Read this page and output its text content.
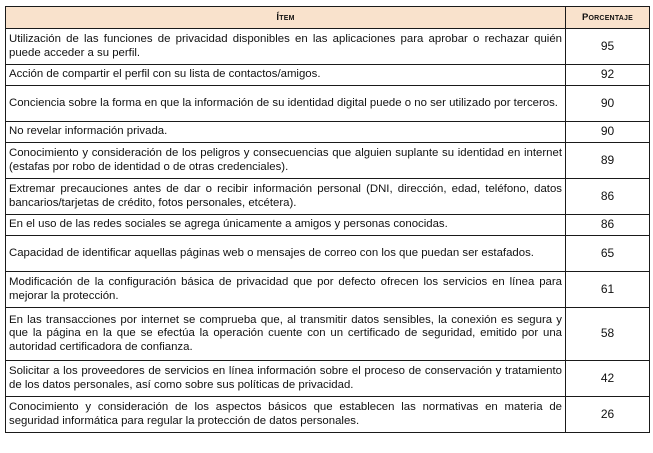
Ítem	Porcentaje
Utilización de las funciones de privacidad disponibles en las aplicaciones para aprobar o rechazar quién puede acceder a su perfil.	95
Acción de compartir el perfil con su lista de contactos/amigos.	92
Conciencia sobre la forma en que la información de su identidad digital puede o no ser utilizado por terceros.	90
No revelar información privada.	90
Conocimiento y consideración de los peligros y consecuencias que alguien suplante su identidad en internet (estafas por robo de identidad o de otras credenciales).	89
Extremar precauciones antes de dar o recibir información personal (DNI, dirección, edad, teléfono, datos bancarios/tarjetas de crédito, fotos personales, etcétera).	86
En el uso de las redes sociales se agrega únicamente a amigos y personas conocidas.	86
Capacidad de identificar aquellas páginas web o mensajes de correo con los que puedan ser estafados.	65
Modificación de la configuración básica de privacidad que por defecto ofrecen los servicios en línea para mejorar la protección.	61
En las transacciones por internet se comprueba que, al transmitir datos sensibles, la conexión es segura y que la página en la que se efectúa la operación cuente con un certificado de seguridad, emitido por una autoridad certificadora de confianza.	58
Solicitar a los proveedores de servicios en línea información sobre el proceso de conservación y tratamiento de los datos personales, así como sobre sus políticas de privacidad.	42
Conocimiento y consideración de los aspectos básicos que establecen las normativas en materia de seguridad informática para regular la protección de datos personales.	26
